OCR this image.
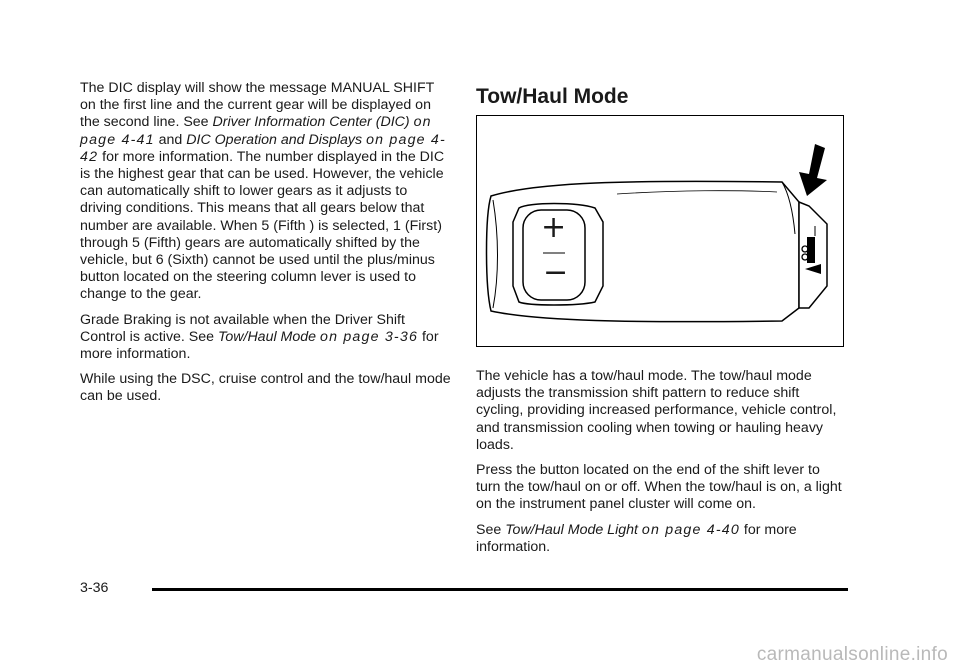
The DIC display will show the message MANUAL SHIFT on the first line and the current gear will be displayed on the second line. See Driver Information Center (DIC) on page 4-41 and DIC Operation and Displays on page 4-42 for more information. The number displayed in the DIC is the highest gear that can be used. However, the vehicle can automatically shift to lower gears as it adjusts to driving conditions. This means that all gears below that number are available. When 5 (Fifth ) is selected, 1 (First) through 5 (Fifth) gears are automatically shifted by the vehicle, but 6 (Sixth) cannot be used until the plus/minus button located on the steering column lever is used to change to the gear.

Grade Braking is not available when the Driver Shift Control is active. See Tow/Haul Mode on page 3-36 for more information.

While using the DSC, cruise control and the tow/haul mode can be used.

Tow/Haul Mode
+
−

The vehicle has a tow/haul mode. The tow/haul mode adjusts the transmission shift pattern to reduce shift cycling, providing increased performance, vehicle control, and transmission cooling when towing or hauling heavy loads.

Press the button located on the end of the shift lever to turn the tow/haul on or off. When the tow/haul is on, a light on the instrument panel cluster will come on.

See Tow/Haul Mode Light on page 4-40 for more information.

3-36
carmanualsonline.info
